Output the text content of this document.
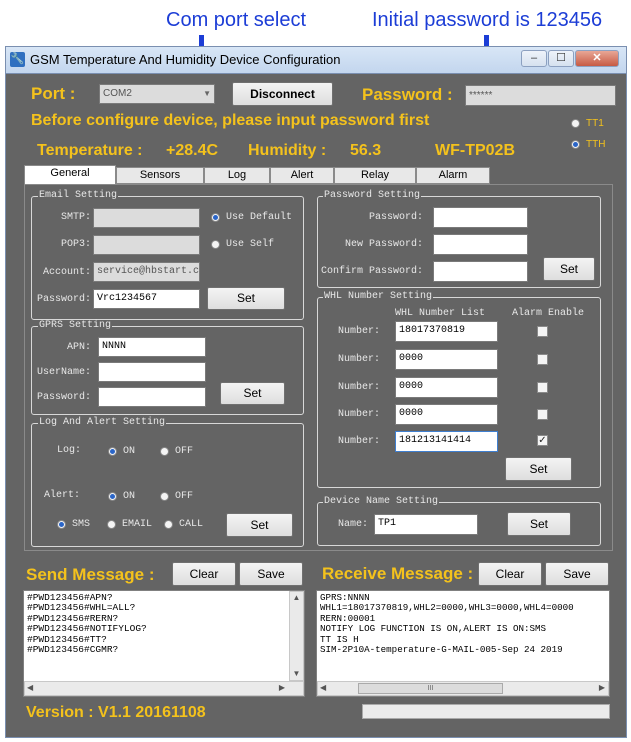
Com port select	Initial password is 123456
🔧 GSM Temperature And Humidity Device Configuration	–	☐	✕
Port :	COM2	▼	Disconnect	Password :	******
Before configure device, please input password first	TT1
TTH
Temperature : +28.4C Humidity : 56.3	WF-TP02B
General	Sensors	Log	Alert	Relay	Alarm
Email Setting
SMTP:	Use Default
POP3:	Use Self
Account: service@hbstart.c
Password: Vrc1234567	Set
GPRS Setting
APN:	NNNN
UserName:
Password:	Set
Log And Alert Setting
Log:	ON	OFF
Alert:	ON	OFF
SMS	EMAIL	CALL	Set
Password Setting
Password:
New Password:
Confirm Password:	Set
WHL Number Setting
WHL Number List	Alarm Enable
Number:	18017370819
Number:	0000
Number:	0000
Number:	0000
Number:	181213141414	✓
Set
Device Name Setting
Name:	TP1	Set
Send Message :	Clear	Save
#PWD123456#APN?
#PWD123456#WHL=ALL?
#PWD123456#RERN?
#PWD123456#NOTIFYLOG?
#PWD123456#TT?
#PWD123456#CGMR?
▲
▼
◀	▶
Receive Message :	Clear	Save
GPRS:NNNN
WHL1=18017370819,WHL2=0000,WHL3=0000,WHL4=0000
RERN:00001
NOTIFY LOG FUNCTION IS ON,ALERT IS ON:SMS
TT IS H
SIM-2P10A-temperature-G-MAIL-005-Sep 24 2019
◀	III	▶
Version : V1.1 20161108
